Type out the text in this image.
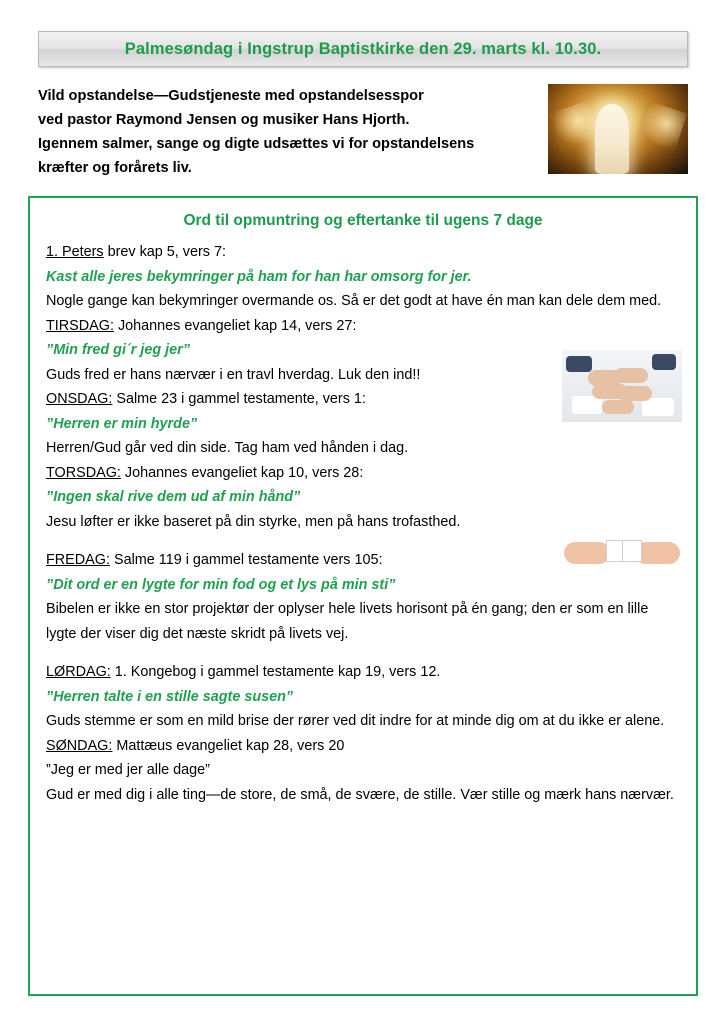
Palmesøndag i Ingstrup Baptistkirke den 29. marts kl. 10.30.
Vild opstandelse—Gudstjeneste med opstandelsesspor
ved pastor Raymond Jensen og musiker Hans Hjorth.
Igennem salmer, sange og digte udsættes vi for opstandelsens
kræfter og forårets liv.
Ord til opmuntring og eftertanke til ugens 7 dage

1. Peters brev kap 5, vers 7:

Kast alle jeres bekymringer på ham for han har omsorg for jer.

Nogle gange kan bekymringer overmande os. Så er det godt at have én man kan dele dem med.

TIRSDAG: Johannes evangeliet kap 14, vers 27:

”Min fred gi´r jeg jer”

Guds fred er hans nærvær i en travl hverdag. Luk den ind!!

ONSDAG: Salme 23 i gammel testamente, vers 1:

”Herren er min hyrde”

Herren/Gud går ved din side. Tag ham ved hånden i dag.

TORSDAG: Johannes evangeliet kap 10, vers 28:

”Ingen skal rive dem ud af min hånd”

Jesu løfter er ikke baseret på din styrke, men på hans trofasthed.

FREDAG: Salme 119 i gammel testamente vers 105:

”Dit ord er en lygte for min fod og et lys på min sti”

Bibelen er ikke en stor projektør der oplyser hele livets horisont på én gang; den er som en lille lygte der viser dig det næste skridt på livets vej.

LØRDAG: 1. Kongebog i gammel testamente kap 19, vers 12.

”Herren talte i en stille sagte susen”

Guds stemme er som en mild brise der rører ved dit indre for at minde dig om at du ikke er alene.

SØNDAG: Mattæus evangeliet kap 28, vers 20

”Jeg er med jer alle dage”

Gud er med dig i alle ting—de store, de små, de svære, de stille. Vær stille og mærk hans nærvær.
